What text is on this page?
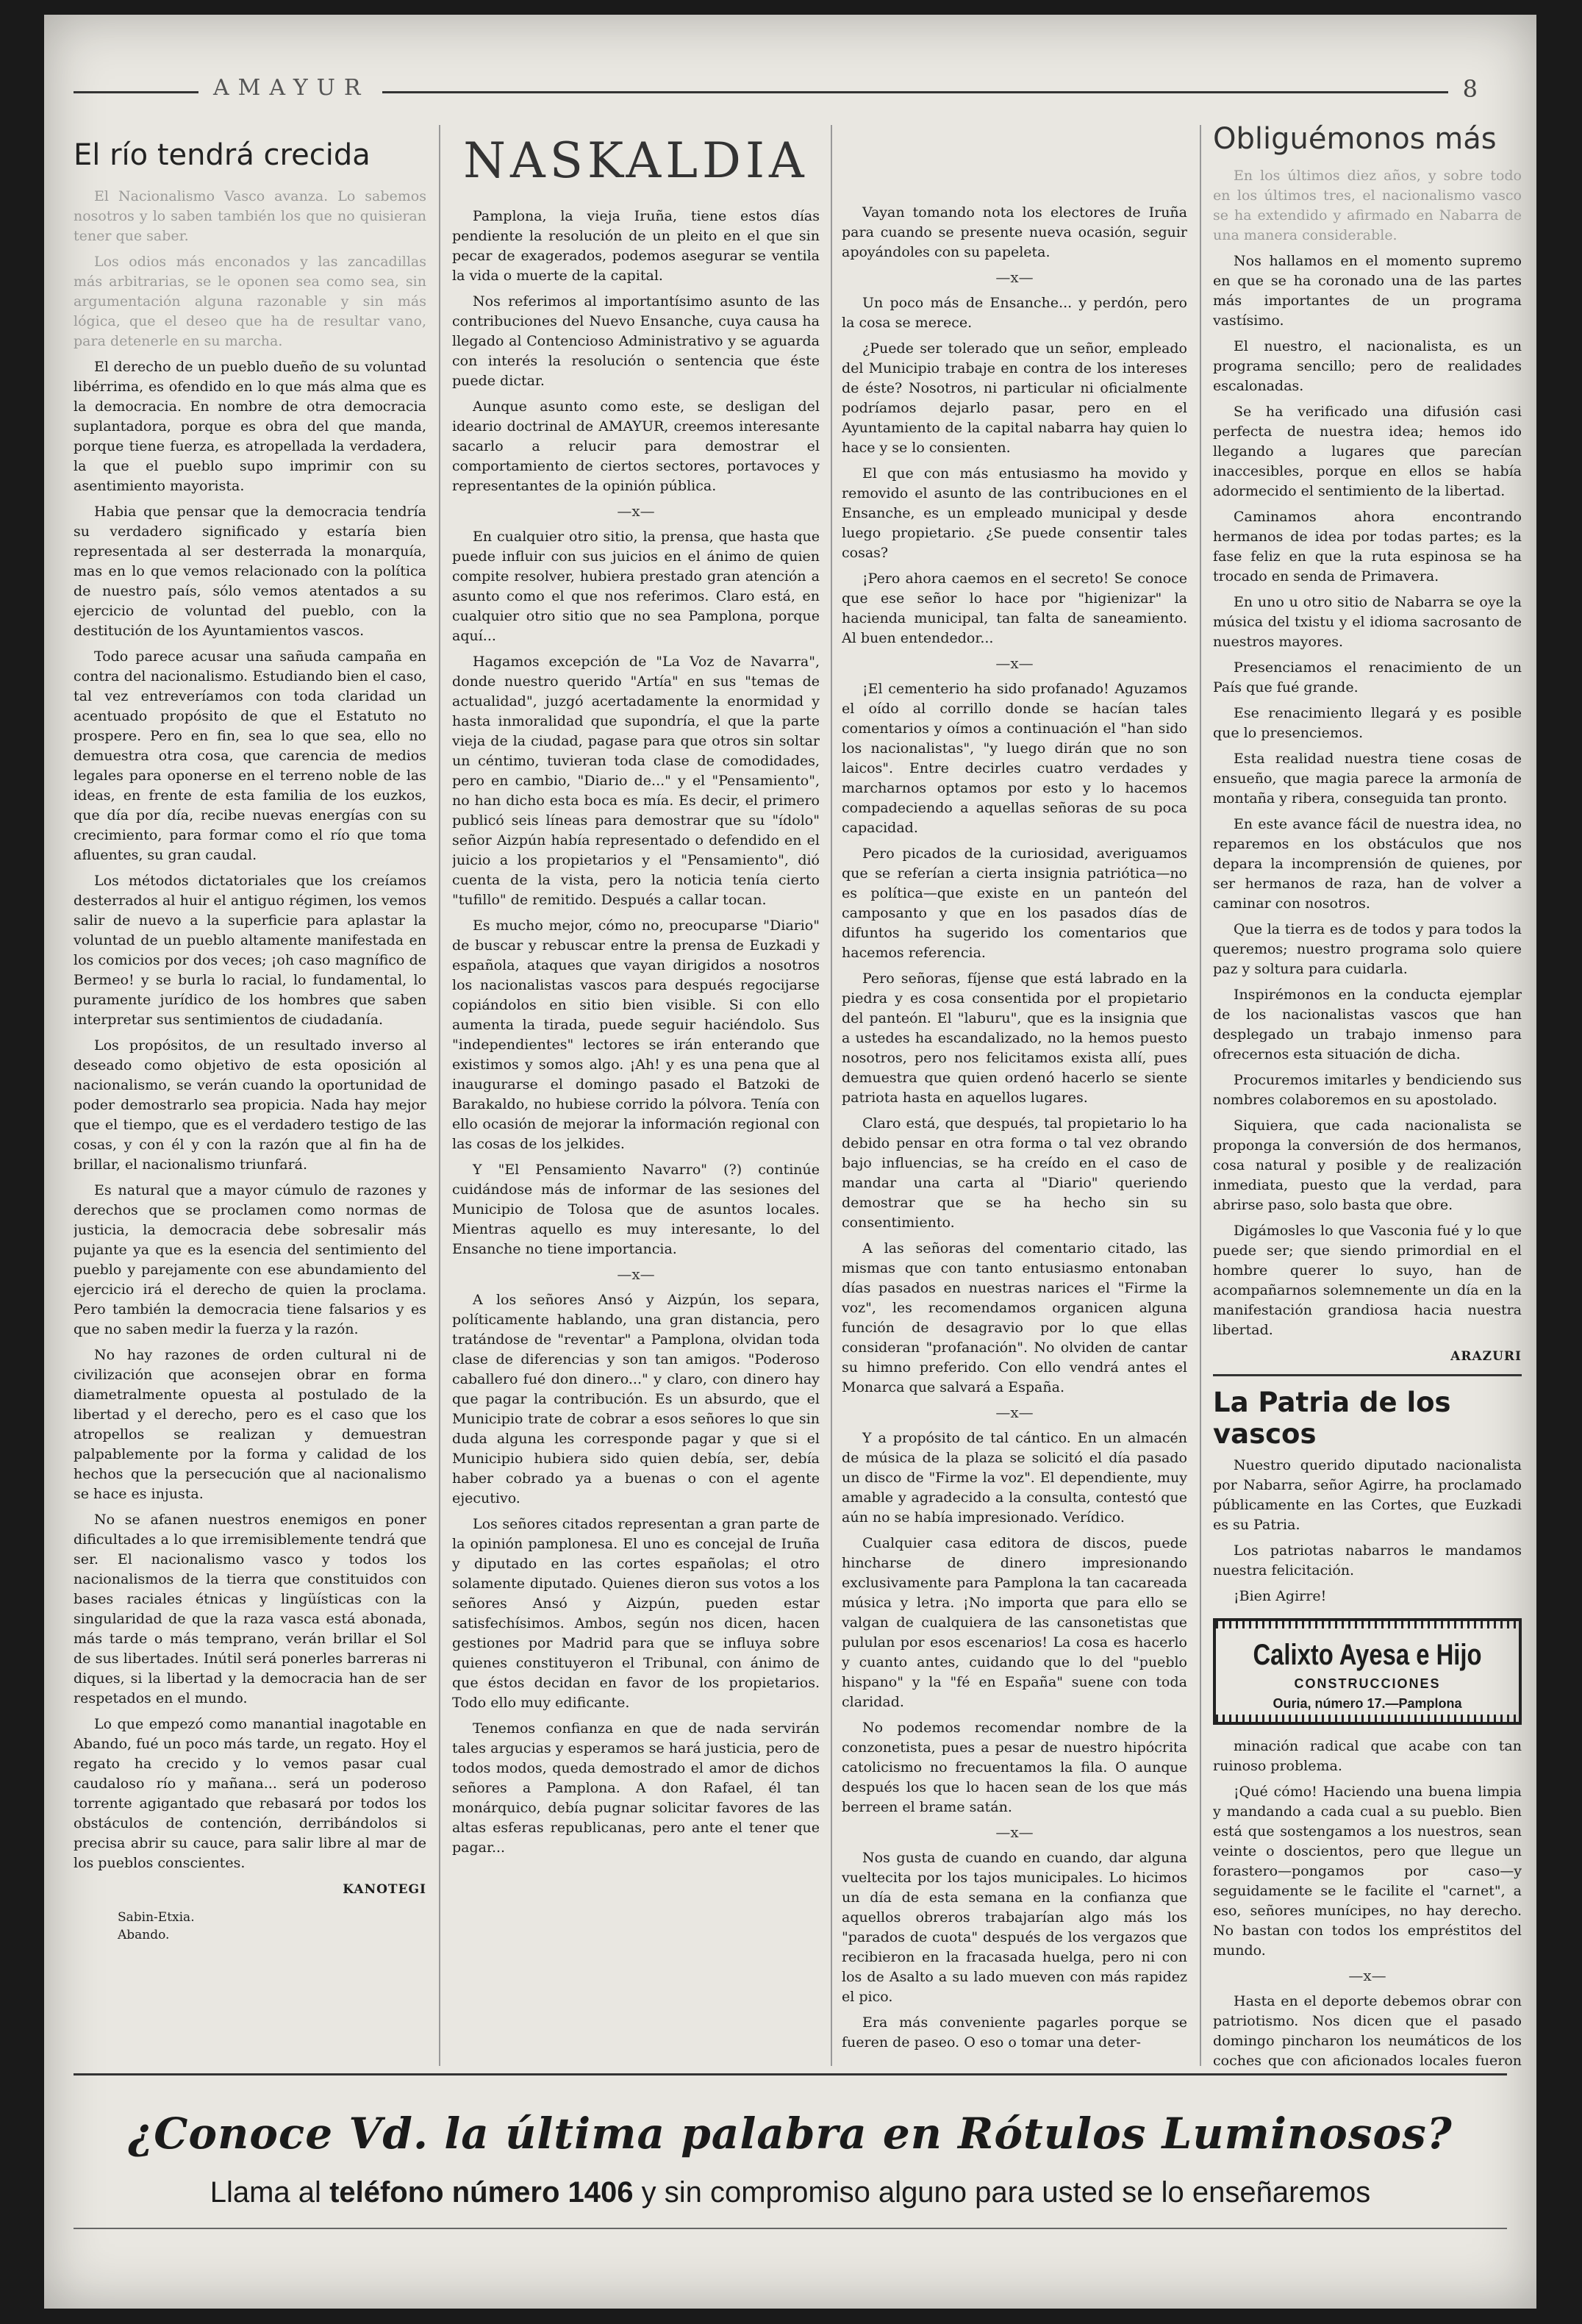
AMAYUR	8
El río tendrá crecida

El Nacionalismo Vasco avanza. Lo sabemos nosotros y lo saben también los que no quisieran tener que saber.

Los odios más enconados y las zancadillas más arbitrarias, se le oponen sea como sea, sin argumentación alguna razonable y sin más lógica, que el deseo que ha de resultar vano, para detenerle en su marcha.

El derecho de un pueblo dueño de su voluntad libérrima, es ofendido en lo que más alma que es la democracia. En nombre de otra democracia suplantadora, porque es obra del que manda, porque tiene fuerza, es atropellada la verdadera, la que el pueblo supo imprimir con su asentimiento mayorista.

Habia que pensar que la democracia tendría su verdadero significado y estaría bien representada al ser desterrada la monarquía, mas en lo que vemos relacionado con la política de nuestro país, sólo vemos atentados a su ejercicio de voluntad del pueblo, con la destitución de los Ayuntamientos vascos.

Todo parece acusar una sañuda campaña en contra del nacionalismo. Estudiando bien el caso, tal vez entreveríamos con toda claridad un acentuado propósito de que el Estatuto no prospere. Pero en fin, sea lo que sea, ello no demuestra otra cosa, que carencia de medios legales para oponerse en el terreno noble de las ideas, en frente de esta familia de los euzkos, que día por día, recibe nuevas energías con su crecimiento, para formar como el río que toma afluentes, su gran caudal.

Los métodos dictatoriales que los creíamos desterrados al huir el antiguo régimen, los vemos salir de nuevo a la superficie para aplastar la voluntad de un pueblo altamente manifestada en los comicios por dos veces; ¡oh caso magnífico de Bermeo! y se burla lo racial, lo fundamental, lo puramente jurídico de los hombres que saben interpretar sus sentimientos de ciudadanía.

Los propósitos, de un resultado inverso al deseado como objetivo de esta oposición al nacionalismo, se verán cuando la oportunidad de poder demostrarlo sea propicia. Nada hay mejor que el tiempo, que es el verdadero testigo de las cosas, y con él y con la razón que al fin ha de brillar, el nacionalismo triunfará.

Es natural que a mayor cúmulo de razones y derechos que se proclamen como normas de justicia, la democracia debe sobresalir más pujante ya que es la esencia del sentimiento del pueblo y parejamente con ese abundamiento del ejercicio irá el derecho de quien la proclama. Pero también la democracia tiene falsarios y es que no saben medir la fuerza y la razón.

No hay razones de orden cultural ni de civilización que aconsejen obrar en forma diametralmente opuesta al postulado de la libertad y el derecho, pero es el caso que los atropellos se realizan y demuestran palpablemente por la forma y calidad de los hechos que la persecución que al nacionalismo se hace es injusta.

No se afanen nuestros enemigos en poner dificultades a lo que irremisiblemente tendrá que ser. El nacionalismo vasco y todos los nacionalismos de la tierra que constituidos con bases raciales étnicas y lingüísticas con la singularidad de que la raza vasca está abonada, más tarde o más temprano, verán brillar el Sol de sus libertades. Inútil será ponerles barreras ni diques, si la libertad y la democracia han de ser respetados en el mundo.

Lo que empezó como manantial inagotable en Abando, fué un poco más tarde, un regato. Hoy el regato ha crecido y lo vemos pasar cual caudaloso río y mañana... será un poderoso torrente agigantado que rebasará por todos los obstáculos de contención, derribándolos si precisa abrir su cauce, para salir libre al mar de los pueblos conscientes.

KANOTEGI
Sabin-Etxia.
Abando.
NASKALDIA

Pamplona, la vieja Iruña, tiene estos días pendiente la resolución de un pleito en el que sin pecar de exagerados, podemos asegurar se ventila la vida o muerte de la capital.

Nos referimos al importantísimo asunto de las contribuciones del Nuevo Ensanche, cuya causa ha llegado al Contencioso Administrativo y se aguarda con interés la resolución o sentencia que éste puede dictar.

Aunque asunto como este, se desligan del ideario doctrinal de AMAYUR, creemos interesante sacarlo a relucir para demostrar el comportamiento de ciertos sectores, portavoces y representantes de la opinión pública.

—x—

En cualquier otro sitio, la prensa, que hasta que puede influir con sus juicios en el ánimo de quien compite resolver, hubiera prestado gran atención a asunto como el que nos referimos. Claro está, en cualquier otro sitio que no sea Pamplona, porque aquí...

Hagamos excepción de "La Voz de Navarra", donde nuestro querido "Artía" en sus "temas de actualidad", juzgó acertadamente la enormidad y hasta inmoralidad que supondría, el que la parte vieja de la ciudad, pagase para que otros sin soltar un céntimo, tuvieran toda clase de comodidades, pero en cambio, "Diario de..." y el "Pensamiento", no han dicho esta boca es mía. Es decir, el primero publicó seis líneas para demostrar que su "ídolo" señor Aizpún había representado o defendido en el juicio a los propietarios y el "Pensamiento", dió cuenta de la vista, pero la noticia tenía cierto "tufillo" de remitido. Después a callar tocan.

Es mucho mejor, cómo no, preocuparse "Diario" de buscar y rebuscar entre la prensa de Euzkadi y española, ataques que vayan dirigidos a nosotros los nacionalistas vascos para después regocijarse copiándolos en sitio bien visible. Si con ello aumenta la tirada, puede seguir haciéndolo. Sus "independientes" lectores se irán enterando que existimos y somos algo. ¡Ah! y es una pena que al inaugurarse el domingo pasado el Batzoki de Barakaldo, no hubiese corrido la pólvora. Tenía con ello ocasión de mejorar la información regional con las cosas de los jelkides.

Y "El Pensamiento Navarro" (?) continúe cuidándose más de informar de las sesiones del Municipio de Tolosa que de asuntos locales. Mientras aquello es muy interesante, lo del Ensanche no tiene importancia.

—x—

A los señores Ansó y Aizpún, los separa, políticamente hablando, una gran distancia, pero tratándose de "reventar" a Pamplona, olvidan toda clase de diferencias y son tan amigos. "Poderoso caballero fué don dinero..." y claro, con dinero hay que pagar la contribución. Es un absurdo, que el Municipio trate de cobrar a esos señores lo que sin duda alguna les corresponde pagar y que si el Municipio hubiera sido quien debía, ser, debía haber cobrado ya a buenas o con el agente ejecutivo.

Los señores citados representan a gran parte de la opinión pamplonesa. El uno es concejal de Iruña y diputado en las cortes españolas; el otro solamente diputado. Quienes dieron sus votos a los señores Ansó y Aizpún, pueden estar satisfechísimos. Ambos, según nos dicen, hacen gestiones por Madrid para que se influya sobre quienes constituyeron el Tribunal, con ánimo de que éstos decidan en favor de los propietarios. Todo ello muy edificante.

Tenemos confianza en que de nada servirán tales argucias y esperamos se hará justicia, pero de todos modos, queda demostrado el amor de dichos señores a Pamplona. A don Rafael, él tan monárquico, debía pugnar solicitar favores de las altas esferas republicanas, pero ante el tener que pagar...

Vayan tomando nota los electores de Iruña para cuando se presente nueva ocasión, seguir apoyándoles con su papeleta.

—x—

Un poco más de Ensanche... y perdón, pero la cosa se merece.

¿Puede ser tolerado que un señor, empleado del Municipio trabaje en contra de los intereses de éste? Nosotros, ni particular ni oficialmente podríamos dejarlo pasar, pero en el Ayuntamiento de la capital nabarra hay quien lo hace y se lo consienten.

El que con más entusiasmo ha movido y removido el asunto de las contribuciones en el Ensanche, es un empleado municipal y desde luego propietario. ¿Se puede consentir tales cosas?

¡Pero ahora caemos en el secreto! Se conoce que ese señor lo hace por "higienizar" la hacienda municipal, tan falta de saneamiento. Al buen entendedor...

—x—

¡El cementerio ha sido profanado! Aguzamos el oído al corrillo donde se hacían tales comentarios y oímos a continuación el "han sido los nacionalistas", "y luego dirán que no son laicos". Entre decirles cuatro verdades y marcharnos optamos por esto y lo hacemos compadeciendo a aquellas señoras de su poca capacidad.

Pero picados de la curiosidad, averiguamos que se referían a cierta insignia patriótica—no es política—que existe en un panteón del camposanto y que en los pasados días de difuntos ha sugerido los comentarios que hacemos referencia.

Pero señoras, fíjense que está labrado en la piedra y es cosa consentida por el propietario del panteón. El "laburu", que es la insignia que a ustedes ha escandalizado, no la hemos puesto nosotros, pero nos felicitamos exista allí, pues demuestra que quien ordenó hacerlo se siente patriota hasta en aquellos lugares.

Claro está, que después, tal propietario lo ha debido pensar en otra forma o tal vez obrando bajo influencias, se ha creído en el caso de mandar una carta al "Diario" queriendo demostrar que se ha hecho sin su consentimiento.

A las señoras del comentario citado, las mismas que con tanto entusiasmo entonaban días pasados en nuestras narices el "Firme la voz", les recomendamos organicen alguna función de desagravio por lo que ellas consideran "profanación". No olviden de cantar su himno preferido. Con ello vendrá antes el Monarca que salvará a España.

—x—

Y a propósito de tal cántico. En un almacén de música de la plaza se solicitó el día pasado un disco de "Firme la voz". El dependiente, muy amable y agradecido a la consulta, contestó que aún no se había impresionado. Verídico.

Cualquier casa editora de discos, puede hincharse de dinero impresionando exclusivamente para Pamplona la tan cacareada música y letra. ¡No importa que para ello se valgan de cualquiera de las cansonetistas que pululan por esos escenarios! La cosa es hacerlo y cuanto antes, cuidando que lo del "pueblo hispano" y la "fé en España" suene con toda claridad.

No podemos recomendar nombre de la conzonetista, pues a pesar de nuestro hipócrita catolicismo no frecuentamos la fila. O aunque después los que lo hacen sean de los que más berreen el brame satán.

—x—

Nos gusta de cuando en cuando, dar alguna vueltecita por los tajos municipales. Lo hicimos un día de esta semana en la confianza que aquellos obreros trabajarían algo más los "parados de cuota" después de los vergazos que recibieron en la fracasada huelga, pero ni con los de Asalto a su lado mueven con más rapidez el pico.

Era más conveniente pagarles porque se fueren de paseo. O eso o tomar una deter-

Obliguémonos más

En los últimos diez años, y sobre todo en los últimos tres, el nacionalismo vasco se ha extendido y afirmado en Nabarra de una manera considerable.

Nos hallamos en el momento supremo en que se ha coronado una de las partes más importantes de un programa vastísimo.

El nuestro, el nacionalista, es un programa sencillo; pero de realidades escalonadas.

Se ha verificado una difusión casi perfecta de nuestra idea; hemos ido llegando a lugares que parecían inaccesibles, porque en ellos se había adormecido el sentimiento de la libertad.

Caminamos ahora encontrando hermanos de idea por todas partes; es la fase feliz en que la ruta espinosa se ha trocado en senda de Primavera.

En uno u otro sitio de Nabarra se oye la música del txistu y el idioma sacrosanto de nuestros mayores.

Presenciamos el renacimiento de un País que fué grande.

Ese renacimiento llegará y es posible que lo presenciemos.

Esta realidad nuestra tiene cosas de ensueño, que magia parece la armonía de montaña y ribera, conseguida tan pronto.

En este avance fácil de nuestra idea, no reparemos en los obstáculos que nos depara la incomprensión de quienes, por ser hermanos de raza, han de volver a caminar con nosotros.

Que la tierra es de todos y para todos la queremos; nuestro programa solo quiere paz y soltura para cuidarla.

Inspirémonos en la conducta ejemplar de los nacionalistas vascos que han desplegado un trabajo inmenso para ofrecernos esta situación de dicha.

Procuremos imitarles y bendiciendo sus nombres colaboremos en su apostolado.

Siquiera, que cada nacionalista se proponga la conversión de dos hermanos, cosa natural y posible y de realización inmediata, puesto que la verdad, para abrirse paso, solo basta que obre.

Digámosles lo que Vasconia fué y lo que puede ser; que siendo primordial en el hombre querer lo suyo, han de acompañarnos solemnemente un día en la manifestación grandiosa hacia nuestra libertad.

ARAZURI
La Patria de los vascos

Nuestro querido diputado nacionalista por Nabarra, señor Agirre, ha proclamado públicamente en las Cortes, que Euzkadi es su Patria.

Los patriotas nabarros le mandamos nuestra felicitación.

¡Bien Agirre!

Calixto Ayesa e Hijo
CONSTRUCCIONES
Ouria, número 17.—Pamplona

minación radical que acabe con tan ruinoso problema.

¡Qué cómo! Haciendo una buena limpia y mandando a cada cual a su pueblo. Bien está que sostengamos a los nuestros, sean veinte o doscientos, pero que llegue un forastero—pongamos por caso—y seguidamente se le facilite el "carnet", a eso, señores munícipes, no hay derecho. No bastan con todos los empréstitos del mundo.

—x—

Hasta en el deporte debemos obrar con patriotismo. Nos dicen que el pasado domingo pincharon los neumáticos de los coches que con aficionados locales fueron

¿Conoce Vd. la última palabra en Rótulos Luminosos?
Llama al teléfono número 1406 y sin compromiso alguno para usted se lo enseñaremos
